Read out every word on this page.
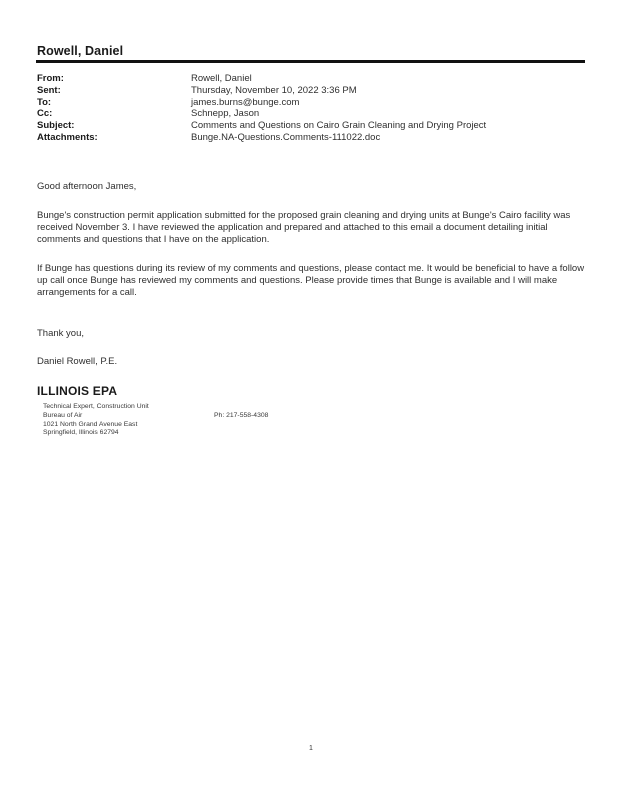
Rowell, Daniel
From:	Rowell, Daniel
Sent:	Thursday, November 10, 2022 3:36 PM
To:	james.burns@bunge.com
Cc:	Schnepp, Jason
Subject:	Comments and Questions on Cairo Grain Cleaning and Drying Project
Attachments:	Bunge.NA-Questions.Comments-111022.doc

Good afternoon James,

Bunge's construction permit application submitted for the proposed grain cleaning and drying units at Bunge's Cairo facility was received November 3. I have reviewed the application and prepared and attached to this email a document detailing initial comments and questions that I have on the application.

If Bunge has questions during its review of my comments and questions, please contact me. It would be beneficial to have a follow up call once Bunge has reviewed my comments and questions. Please provide times that Bunge is available and I will make arrangements for a call.

Thank you,

Daniel Rowell, P.E.

ILLINOIS EPA
Technical Expert, Construction Unit
Bureau of Air
1021 North Grand Avenue East
Springfield, Illinois 62794
Ph: 217-558-4308
1
